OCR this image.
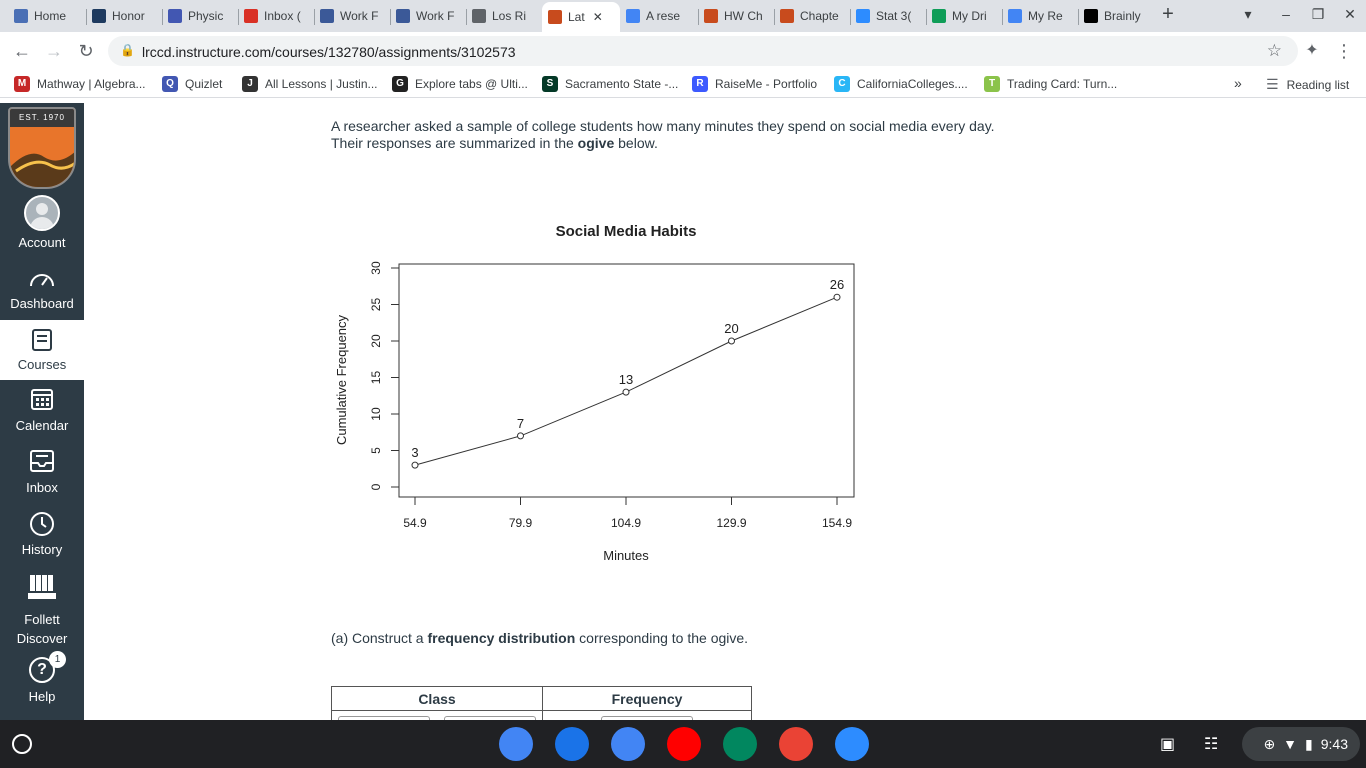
Home	Honor	Physic	Inbox (	Work F	Work F	Los Ri	Lat ✕	A rese	HW Ch	Chapte	Stat 3(	My Dri	My Re	Brainly +	▾	–	❐ ✕
← → ↻	🔒 lrccd.instructure.com/courses/132780/assignments/3102573	☆	✦ ⋮
M Mathway | Algebra...	Q Quizlet	J	All Lessons | Justin...	G Explore tabs @ Ulti...	S Sacramento State -...	R RaiseMe - Portfolio	C CaliforniaColleges....	T Trading Card: Turn...	» ☰ Reading list
EST. 1970
Account
Dashboard
Courses
Calendar
Inbox
History
Follett Discover
?
1
Help
A researcher asked a sample of college students how many minutes they spend on social media every day.
Their responses are summarized in the ogive below.
Social Media Habits
0
5
10
15
20
25
30
54.9	79.9	104.9	129.9	154.9
Cumulative Frequency
Minutes
3
7
13
20
26
(a) Construct a frequency distribution corresponding to the ogive.
Class	Frequency

▣ ☷	⊕ ▼ ▮ 9:43
